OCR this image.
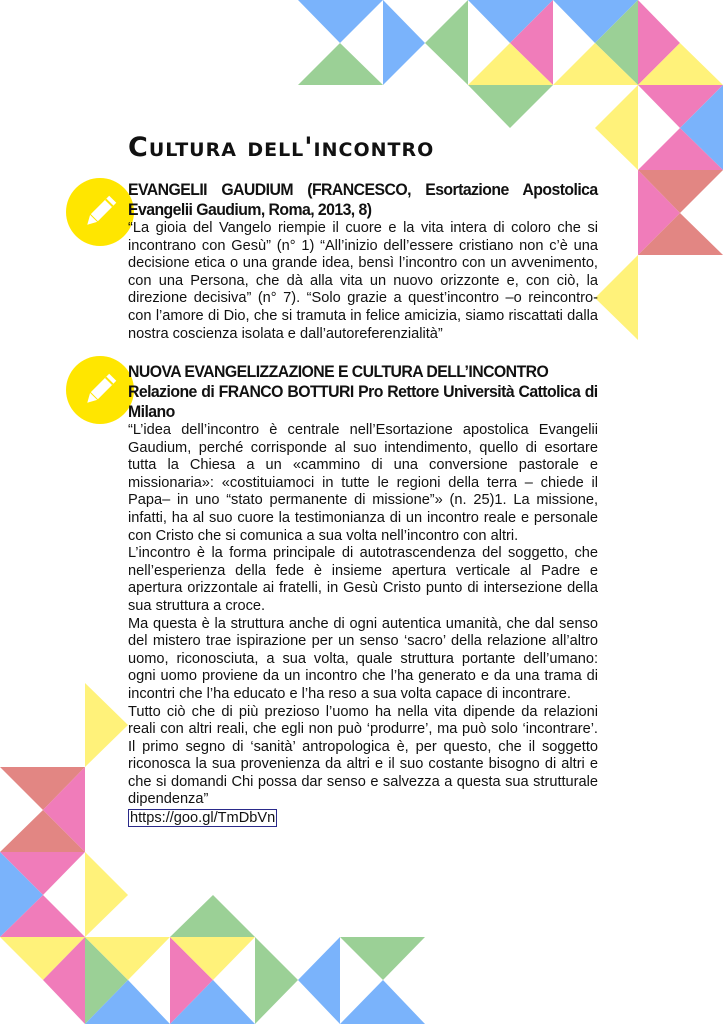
Cultura dell'incontro

EVANGELII GAUDIUM (FRANCESCO, Esortazione Apostolica Evangelii Gaudium, Roma, 2013, 8)

“La gioia del Vangelo riempie il cuore e la vita intera di coloro che si incontrano con Gesù” (n° 1) “All’inizio dell’essere cristiano non c’è una decisione etica o una grande idea, bensì l’incontro con un avvenimento, con una Persona, che dà alla vita un nuovo orizzonte e, con ciò, la direzione decisiva” (n° 7). “Solo grazie a quest’incontro –o reincontro- con l’amore di Dio, che si tramuta in felice amicizia, siamo riscattati dalla nostra coscienza isolata e dall’autoreferenzialità”

NUOVA EVANGELIZZAZIONE E CULTURA DELL’INCONTRO

Relazione di FRANCO BOTTURI Pro Rettore Università Cattolica di Milano

“L’idea dell’incontro è centrale nell’Esortazione apostolica Evangelii Gaudium, perché corrisponde al suo intendimento, quello di esortare tutta la Chiesa a un «cammino di una conversione pastorale e missionaria»: «costituiamoci in tutte le regioni della terra – chiede il Papa– in uno “stato permanente di missione”» (n. 25)1. La missione, infatti, ha al suo cuore la testimonianza di un incontro reale e personale con Cristo che si comunica a sua volta nell’incontro con altri.

L’incontro è la forma principale di autotrascendenza del soggetto, che nell’esperienza della fede è insieme apertura verticale al Padre e apertura orizzontale ai fratelli, in Gesù Cristo punto di intersezione della sua struttura a croce.

Ma questa è la struttura anche di ogni autentica umanità, che dal senso del mistero trae ispirazione per un senso ‘sacro’ della relazione all’altro uomo, riconosciuta, a sua volta, quale struttura portante dell’umano: ogni uomo proviene da un incontro che l’ha generato e da una trama di incontri che l’ha educato e l’ha reso a sua volta capace di incontrare.

Tutto ciò che di più prezioso l’uomo ha nella vita dipende da relazioni reali con altri reali, che egli non può ‘produrre’, ma può solo ‘incontrare’. Il primo segno di ‘sanità’ antropologica è, per questo, che il soggetto riconosca la sua provenienza da altri e il suo costante bisogno di altri e che si domandi Chi possa dar senso e salvezza a questa sua strutturale dipendenza”

https://goo.gl/TmDbVn
